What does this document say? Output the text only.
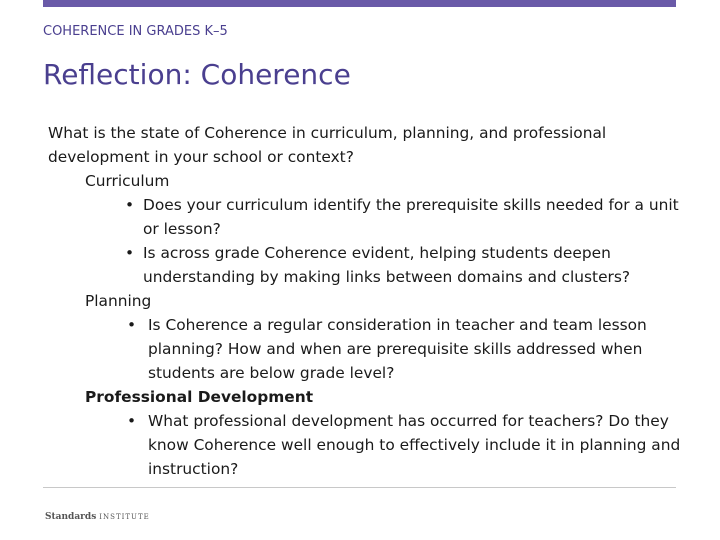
COHERENCE IN GRADES K–5
Reflection: Coherence

What is the state of Coherence in curriculum, planning, and professional development in your school or context?

Curriculum

• Does your curriculum identify the prerequisite skills needed for a unit or lesson?

• Is across grade Coherence evident, helping students deepen understanding by making links between domains and clusters?

Planning

• Is Coherence a regular consideration in teacher and team lesson planning? How and when are prerequisite skills addressed when students are below grade level?

Professional Development

• What professional development has occurred for teachers? Do they know Coherence well enough to effectively include it in planning and instruction?

Standards INSTITUTE
